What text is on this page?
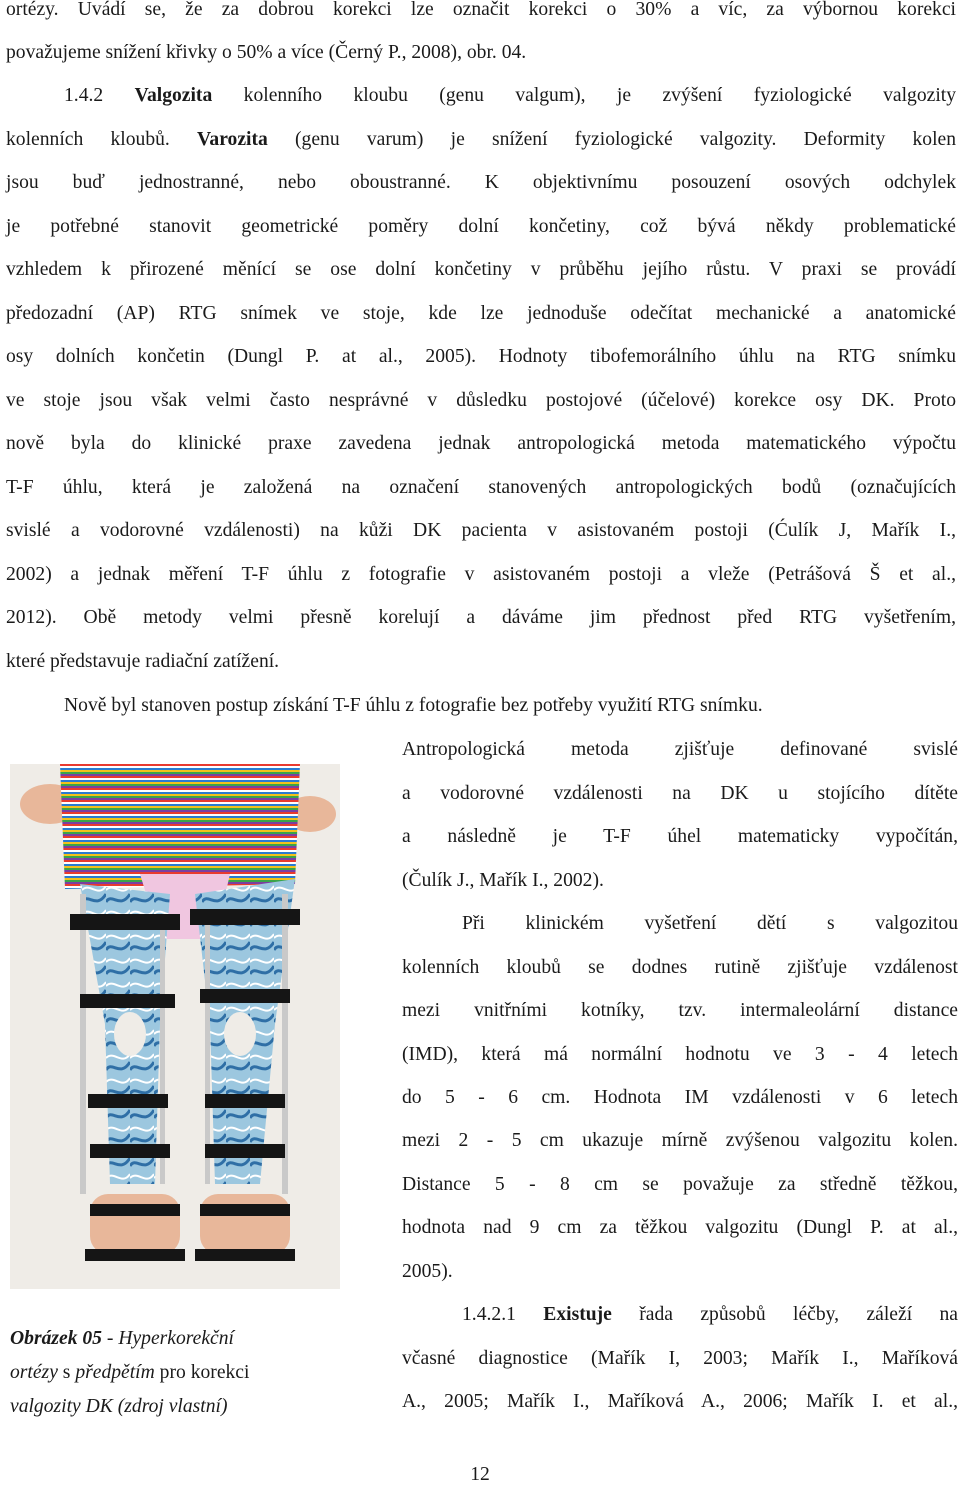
ortézy. Uvádí se, že za dobrou korekci lze označit korekci o 30% a víc, za výbornou korekci
považujeme snížení křivky o 50% a více (Černý P., 2008), obr. 04.
1.4.2 Valgozita kolenního kloubu (genu valgum), je zvýšení fyziologické valgozity
kolenních kloubů. Varozita (genu varum) je snížení fyziologické valgozity. Deformity kolen
jsou buď jednostranné, nebo oboustranné. K objektivnímu posouzení osových odchylek
je potřebné stanovit geometrické poměry dolní končetiny, což bývá někdy problematické
vzhledem k přirozené měnící se ose dolní končetiny v průběhu jejího růstu. V praxi se provádí
předozadní (AP) RTG snímek ve stoje, kde lze jednoduše odečítat mechanické a anatomické
osy dolních končetin (Dungl P. at al., 2005). Hodnoty tibofemorálního úhlu na RTG snímku
ve stoje jsou však velmi často nesprávné v důsledku postojové (účelové) korekce osy DK. Proto
nově byla do klinické praxe zavedena jednak antropologická metoda matematického výpočtu
T-F úhlu, která je založená na označení stanovených antropologických bodů (označujících
svislé a vodorovné vzdálenosti) na kůži DK pacienta v asistovaném postoji (Ćulík J, Mařík I.,
2002) a jednak měření T-F úhlu z fotografie v asistovaném postoji a vleže (Petrášová Š et al.,
2012). Obě metody velmi přesně korelují a dáváme jim přednost před RTG vyšetřením,
které představuje radiační zatížení.
Nově byl stanoven postup získání T-F úhlu z fotografie bez potřeby využití RTG snímku.
Antropologická metoda zjišťuje definované svislé
a vodorovné vzdálenosti na DK u stojícího dítěte
a následně je T-F úhel matematicky vypočítán,
(Čulík J., Mařík I., 2002).
Při klinickém vyšetření dětí s valgozitou
kolenních kloubů se dodnes rutině zjišťuje vzdálenost
mezi vnitřními kotníky, tzv. intermaleolární distance
(IMD), která má normální hodnotu ve 3 - 4 letech
do 5 - 6 cm. Hodnota IM vzdálenosti v 6 letech
mezi 2 - 5 cm ukazuje mírně zvýšenou valgozitu kolen.
Distance 5 - 8 cm se považuje za středně těžkou,
hodnota nad 9 cm za těžkou valgozitu (Dungl P. at al.,
2005).
1.4.2.1 Existuje řada způsobů léčby, záleží na
včasné diagnostice (Mařík I, 2003; Mařík I., Maříková
A., 2005; Mařík I., Maříková A., 2006; Mařík I. et al.,
Obrázek 05 - Hyperkorekční
ortézy s předpětím pro korekci
valgozity DK (zdroj vlastní)
12
